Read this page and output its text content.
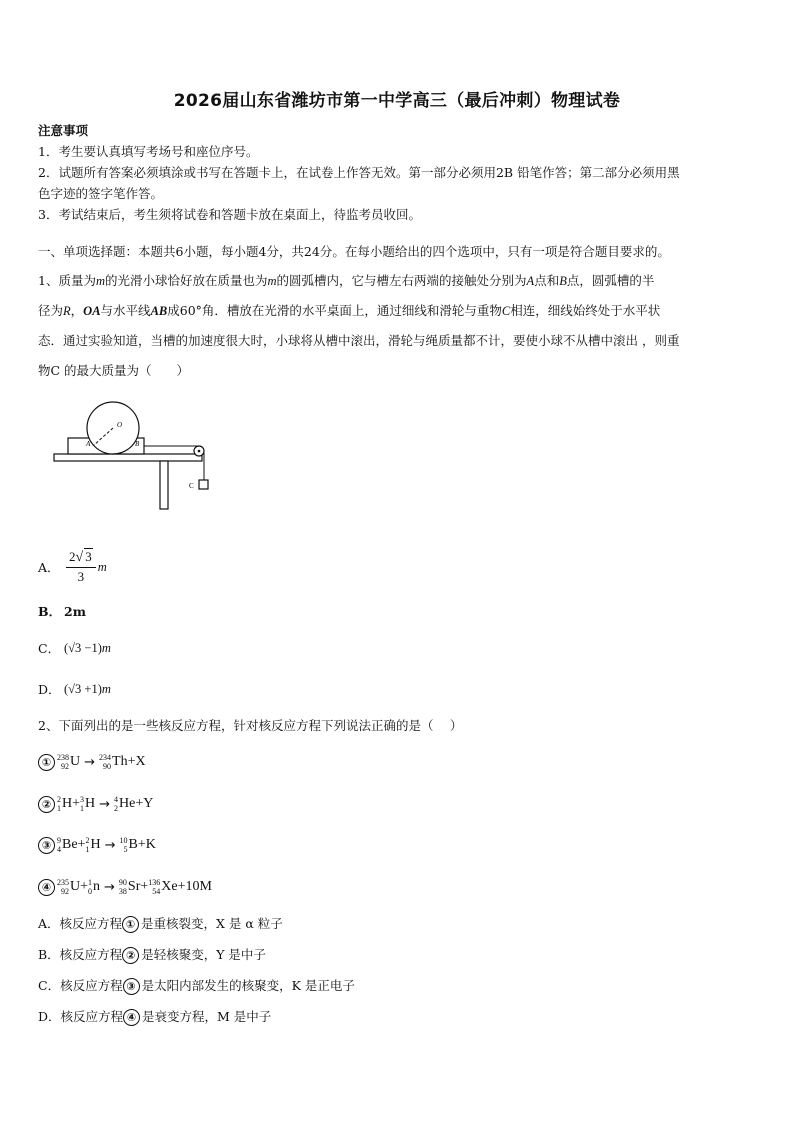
2026届山东省潍坊市第一中学高三（最后冲刺）物理试卷

注意事项

1．考生要认真填写考场号和座位序号。

2．试题所有答案必须填涂或书写在答题卡上，在试卷上作答无效。第一部分必须用2B 铅笔作答；第二部分必须用黑

色字迹的签字笔作答。

3．考试结束后，考生须将试卷和答题卡放在桌面上，待监考员收回。

一、单项选择题：本题共6小题，每小题4分，共24分。在每小题给出的四个选项中，只有一项是符合题目要求的。
1、质量为m的光滑小球恰好放在质量也为m的圆弧槽内，它与槽左右两端的接触处分别为A点和B点，圆弧槽的半
径为R，OA与水平线AB成60°角．槽放在光滑的水平桌面上，通过细线和滑轮与重物C相连，细线始终处于水平状
态．通过实验知道，当槽的加速度很大时，小球将从槽中滚出，滑轮与绳质量都不计，要使小球不从槽中滚出 ，则重
物C 的最大质量为（　　）
O
A	B
C
A． $\frac{2√ 3}{3}$ m
B． 2m
C． (√3 −1) m
D． (√3 +1) m
2、下面列出的是一些核反应方程，针对核反应方程下列说法正确的是（　 ）
① 238
92 U → 234
90 Th+X
② 2
1 H+ 3
1 H → 4
2 He+Y
③ 9
4 Be+ 2
1 H → 10
5 B+K
④ 235
92 U+ 1
0 n → 90
38 Sr+ 136
54 Xe+10M
A．核反应方程 ① 是重核裂变，X 是 α 粒子
B．核反应方程 ② 是轻核聚变，Y 是中子
C．核反应方程 ③ 是太阳内部发生的核聚变，K 是正电子
D．核反应方程 ④ 是衰变方程，M 是中子
